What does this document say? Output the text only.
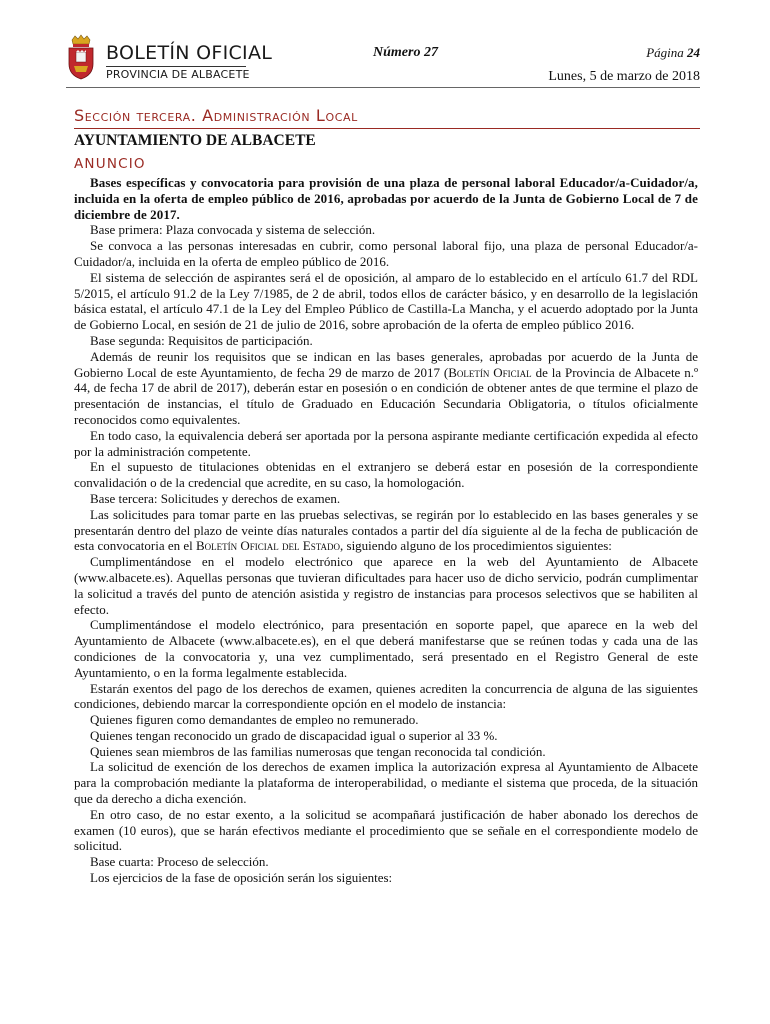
BOLETÍN OFICIAL
PROVINCIA DE ALBACETE
Número 27	Página 24
Lunes, 5 de marzo de 2018
Sección tercera. Administración Local
AYUNTAMIENTO DE ALBACETE
ANUNCIO

Bases específicas y convocatoria para provisión de una plaza de personal laboral Educador/a-Cuidador/a, incluida en la oferta de empleo público de 2016, aprobadas por acuerdo de la Junta de Gobierno Local de 7 de diciembre de 2017.

Base primera: Plaza convocada y sistema de selección.

Se convoca a las personas interesadas en cubrir, como personal laboral fijo, una plaza de personal Educador/a-Cuidador/a, incluida en la oferta de empleo público de 2016.

El sistema de selección de aspirantes será el de oposición, al amparo de lo establecido en el artículo 61.7 del RDL 5/2015, el artículo 91.2 de la Ley 7/1985, de 2 de abril, todos ellos de carácter básico, y en desarrollo de la legislación básica estatal, el artículo 47.1 de la Ley del Empleo Público de Castilla-La Mancha, y el acuerdo adoptado por la Junta de Gobierno Local, en sesión de 21 de julio de 2016, sobre aprobación de la oferta de empleo público 2016.

Base segunda: Requisitos de participación.

Además de reunir los requisitos que se indican en las bases generales, aprobadas por acuerdo de la Junta de Gobierno Local de este Ayuntamiento, de fecha 29 de marzo de 2017 (Boletín Oficial de la Provincia de Albacete n.º 44, de fecha 17 de abril de 2017), deberán estar en posesión o en condición de obtener antes de que termine el plazo de presentación de instancias, el título de Graduado en Educación Secundaria Obligatoria, o títulos oficialmente reconocidos como equivalentes.

En todo caso, la equivalencia deberá ser aportada por la persona aspirante mediante certificación expedida al efecto por la administración competente.

En el supuesto de titulaciones obtenidas en el extranjero se deberá estar en posesión de la correspondiente convalidación o de la credencial que acredite, en su caso, la homologación.

Base tercera: Solicitudes y derechos de examen.

Las solicitudes para tomar parte en las pruebas selectivas, se regirán por lo establecido en las bases generales y se presentarán dentro del plazo de veinte días naturales contados a partir del día siguiente al de la fecha de publicación de esta convocatoria en el Boletín Oficial del Estado, siguiendo alguno de los procedimientos siguientes:

Cumplimentándose en el modelo electrónico que aparece en la web del Ayuntamiento de Albacete (www.albacete.es). Aquellas personas que tuvieran dificultades para hacer uso de dicho servicio, podrán cumplimentar la solicitud a través del punto de atención asistida y registro de instancias para procesos selectivos que se habiliten al efecto.

Cumplimentándose el modelo electrónico, para presentación en soporte papel, que aparece en la web del Ayuntamiento de Albacete (www.albacete.es), en el que deberá manifestarse que se reúnen todas y cada una de las condiciones de la convocatoria y, una vez cumplimentado, será presentado en el Registro General de este Ayuntamiento, o en la forma legalmente establecida.

Estarán exentos del pago de los derechos de examen, quienes acrediten la concurrencia de alguna de las siguientes condiciones, debiendo marcar la correspondiente opción en el modelo de instancia:

Quienes figuren como demandantes de empleo no remunerado.

Quienes tengan reconocido un grado de discapacidad igual o superior al 33 %.

Quienes sean miembros de las familias numerosas que tengan reconocida tal condición.

La solicitud de exención de los derechos de examen implica la autorización expresa al Ayuntamiento de Albacete para la comprobación mediante la plataforma de interoperabilidad, o mediante el sistema que proceda, de la situación que da derecho a dicha exención.

En otro caso, de no estar exento, a la solicitud se acompañará justificación de haber abonado los derechos de examen (10 euros), que se harán efectivos mediante el procedimiento que se señale en el correspondiente modelo de solicitud.

Base cuarta: Proceso de selección.

Los ejercicios de la fase de oposición serán los siguientes:
